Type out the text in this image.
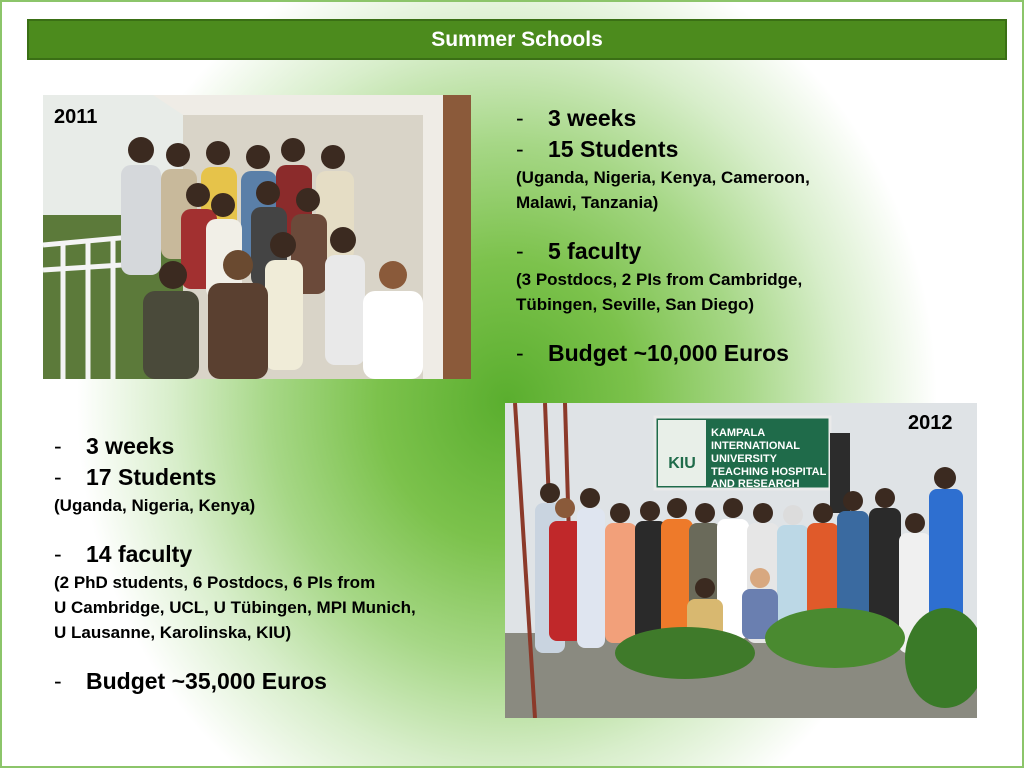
Summer Schools
2011	-	3 weeks
-	15 Students
(Uganda, Nigeria, Kenya, Cameroon,
Malawi, Tanzania)
-	5 faculty
(3 Postdocs, 2 PIs from Cambridge,
Tübingen, Seville, San Diego)
-	Budget ~10,000 Euros
-	3 weeks
-	17 Students
(Uganda, Nigeria, Kenya)
-	14 faculty
(2 PhD students, 6 Postdocs, 6 PIs from
U Cambridge, UCL, U Tübingen, MPI Munich,
U Lausanne, Karolinska, KIU)
-	Budget ~35,000 Euros
KIU
KAMPALA
INTERNATIONAL
UNIVERSITY
TEACHING HOSPITAL
AND RESEARCH
2012
